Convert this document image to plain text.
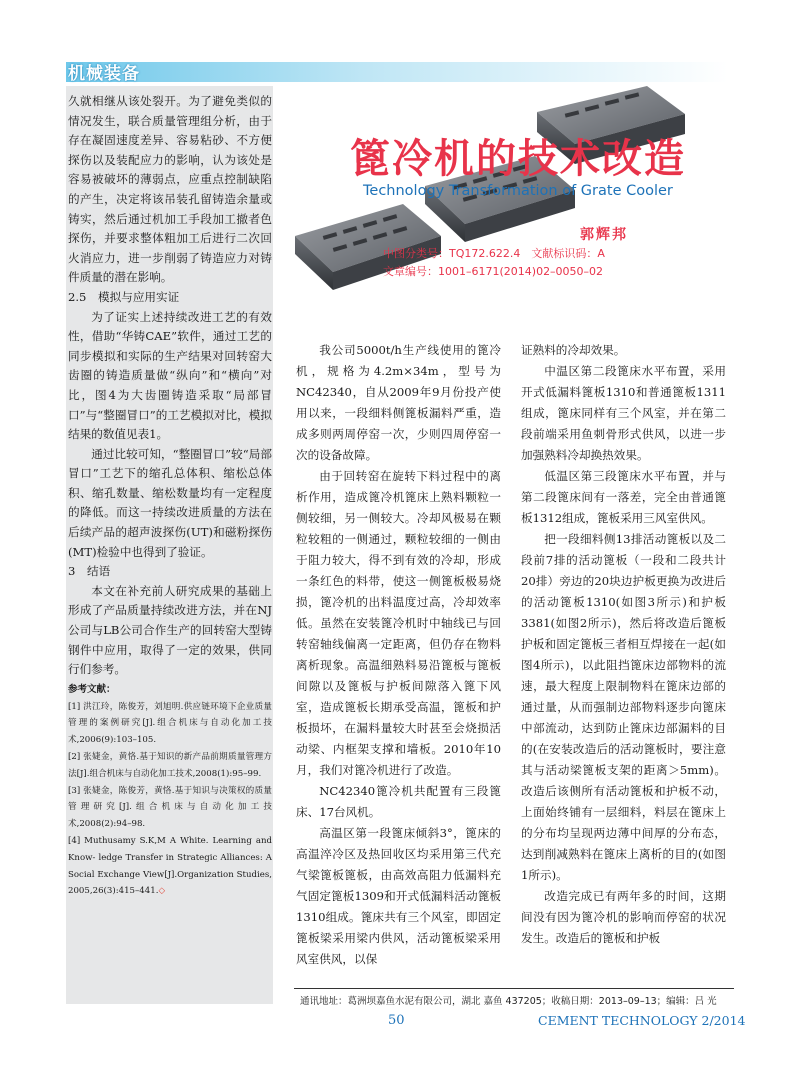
机械装备

久就相继从该处裂开。为了避免类似的情况发生，联合质量管理组分析，由于存在凝固速度差异、容易粘砂、不方便探伤以及装配应力的影响，认为该处是容易被破坏的薄弱点，应重点控制缺陷的产生，决定将该吊装孔留铸造余量或铸实，然后通过机加工手段加工撤者色探伤，并要求整体粗加工后进行二次回火消应力，进一步削弱了铸造应力对铸件质量的潜在影响。

2.5　模拟与应用实证

为了证实上述持续改进工艺的有效性，借助“华铸CAE”软件，通过工艺的同步模拟和实际的生产结果对回转窑大齿圈的铸造质量做“纵向”和“横向”对比，图4为大齿圈铸造采取“局部冒口”与“整圈冒口”的工艺模拟对比，模拟结果的数值见表1。

通过比较可知，“整圈冒口”较“局部冒口”工艺下的缩孔总体积、缩松总体积、缩孔数量、缩松数量均有一定程度的降低。而这一持续改进质量的方法在后续产品的超声波探伤(UT)和磁粉探伤(MT)检验中也得到了验证。

3　结语

本文在补充前人研究成果的基础上形成了产品质量持续改进方法，并在NJ公司与LB公司合作生产的回转窑大型铸钢件中应用，取得了一定的效果，供同行们参考。

参考文献：

[1] 洪江玲，陈俊芳，刘旭明.供应链环境下企业质量管理的案例研究[J].组合机床与自动化加工技术,2006(9):103–105.

[2] 张婕金，黄恪.基于知识的新产品前期质量管理方法[J].组合机床与自动化加工技术,2008(1):95–99.

[3] 张婕金，陈俊芳，黄恪.基于知识与决策权的质量管理研究[J].组合机床与自动化加工技术,2008(2):94–98.

[4] Muthusamy S.K,M A White. Learning and Know- ledge Transfer in Strategic Alliances: A Social Exchange View[J].Organization Studies, 2005,26(3):415–441.◇

篦冷机的技术改造
Technology Transformation of Grate Cooler
郭辉邦
中图分类号：TQ172.622.4　文献标识码：A
文章编号：1001–6171(2014)02–0050–02

我公司5000t/h生产线使用的篦冷机，规格为4.2m×34m，型号为NC42340，自从2009年9月份投产使用以来，一段细料侧篦板漏料严重，造成多则两周停窑一次，少则四周停窑一次的设备故障。

由于回转窑在旋转下料过程中的离析作用，造成篦冷机篦床上熟料颗粒一侧较细，另一侧较大。冷却风极易在颗粒较粗的一侧通过，颗粒较细的一侧由于阻力较大，得不到有效的冷却，形成一条红色的料带，使这一侧篦板极易烧损，篦冷机的出料温度过高，冷却效率低。虽然在安装篦冷机时中轴线已与回转窑轴线偏离一定距离，但仍存在物料离析现象。高温细熟料易沿篦板与篦板间隙以及篦板与护板间隙落入篦下风室，造成篦板长期承受高温，篦板和护板损坏，在漏料量较大时甚至会烧损活动梁、内框架支撑和墙板。2010年10月，我们对篦冷机进行了改造。

NC42340篦冷机共配置有三段篦床、17台风机。

高温区第一段篦床倾斜3°，篦床的高温淬冷区及热回收区均采用第三代充气梁篦板篦板，由高效高阻力低漏料充气固定篦板1309和开式低漏料活动篦板1310组成。篦床共有三个风室，即固定篦板梁采用梁内供风，活动篦板梁采用风室供风，以保

证熟料的冷却效果。

中温区第二段篦床水平布置，采用开式低漏料篦板1310和普通篦板1311组成，篦床同样有三个风室，并在第二段前端采用鱼刺骨形式供风，以进一步加强熟料冷却换热效果。

低温区第三段篦床水平布置，并与第二段篦床间有一落差，完全由普通篦板1312组成，篦板采用三风室供风。

把一段细料侧13排活动篦板以及二段前7排的活动篦板（一段和二段共计20排）旁边的20块边护板更换为改进后的活动篦板1310(如图3所示)和护板3381(如图2所示)，然后将改造后篦板护板和固定篦板三者相互焊接在一起(如图4所示)，以此阻挡篦床边部物料的流速，最大程度上限制物料在篦床边部的通过量，从而强制边部物料逐步向篦床中部流动，达到防止篦床边部漏料的目的(在安装改造后的活动篦板时，要注意其与活动梁篦板支架的距离＞5mm)。改造后该侧所有活动篦板和护板不动，上面始终铺有一层细料，料层在篦床上的分布均呈现两边薄中间厚的分布态，达到削减熟料在篦床上离析的目的(如图1所示)。

改造完成已有两年多的时间，这期间没有因为篦冷机的影响而停窑的状况发生。改造后的篦板和护板

通讯地址：葛洲坝嘉鱼水泥有限公司，湖北 嘉鱼 437205；收稿日期：2013–09–13；编辑：吕 光
50	CEMENT TECHNOLOGY 2/2014
